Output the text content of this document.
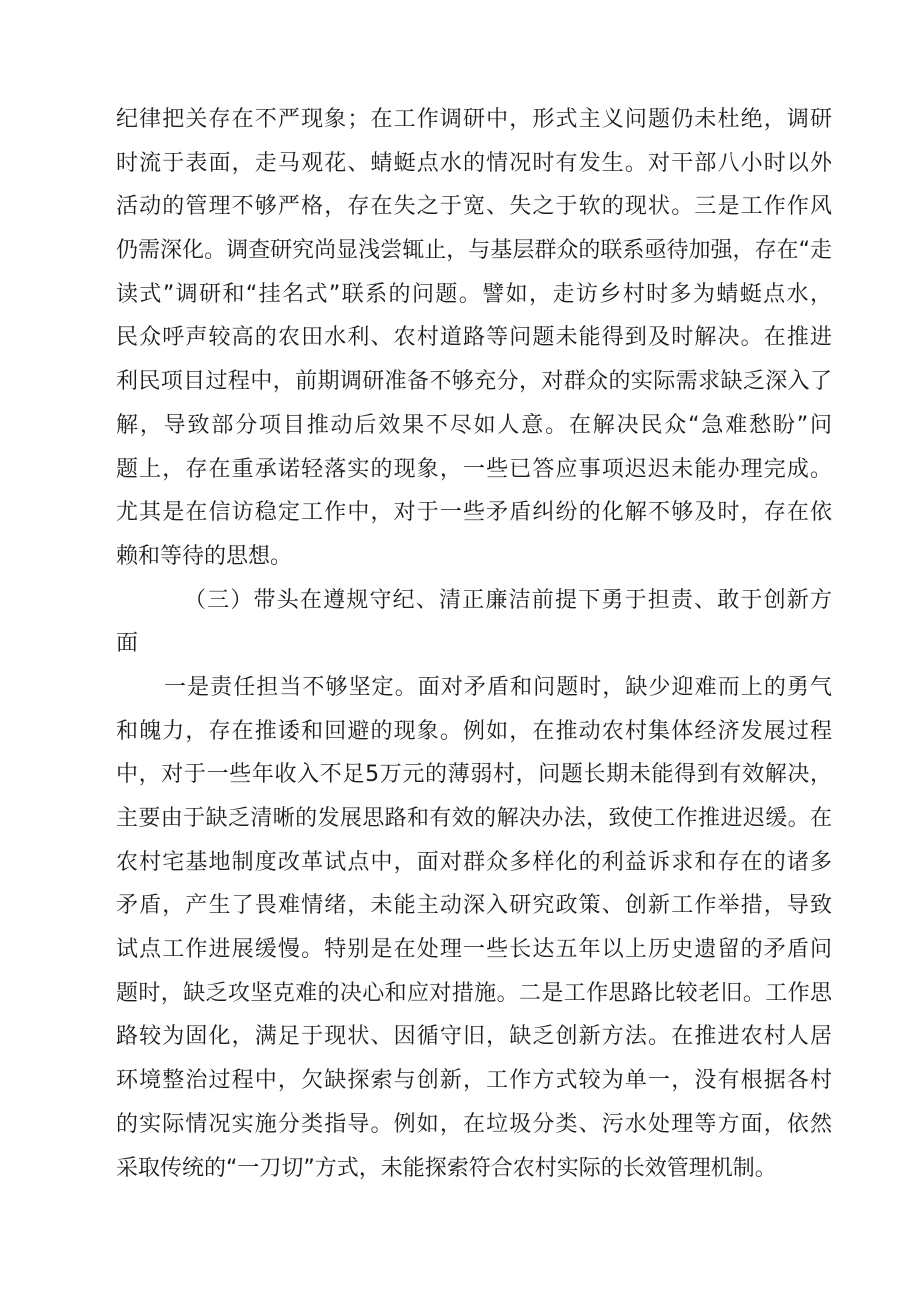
纪律把关存在不严现象；在工作调研中，形式主义问题仍未杜绝，调研
时流于表面，走马观花、蜻蜓点水的情况时有发生。对干部八小时以外
活动的管理不够严格，存在失之于宽、失之于软的现状。三是工作作风
仍需深化。调查研究尚显浅尝辄止，与基层群众的联系亟待加强，存在“走
读式”调研和“挂名式”联系的问题。譬如，走访乡村时多为蜻蜓点水，
民众呼声较高的农田水利、农村道路等问题未能得到及时解决。在推进
利民项目过程中，前期调研准备不够充分，对群众的实际需求缺乏深入了
解，导致部分项目推动后效果不尽如人意。在解决民众“急难愁盼”问
题上，存在重承诺轻落实的现象，一些已答应事项迟迟未能办理完成。
尤其是在信访稳定工作中，对于一些矛盾纠纷的化解不够及时，存在依
赖和等待的思想。
（三）带头在遵规守纪、清正廉洁前提下勇于担责、敢于创新方
面
一是责任担当不够坚定。面对矛盾和问题时，缺少迎难而上的勇气
和魄力，存在推诿和回避的现象。例如，在推动农村集体经济发展过程
中，对于一些年收入不足5万元的薄弱村，问题长期未能得到有效解决，
主要由于缺乏清晰的发展思路和有效的解决办法，致使工作推进迟缓。在
农村宅基地制度改革试点中，面对群众多样化的利益诉求和存在的诸多
矛盾，产生了畏难情绪，未能主动深入研究政策、创新工作举措，导致
试点工作进展缓慢。特别是在处理一些长达五年以上历史遗留的矛盾问
题时，缺乏攻坚克难的决心和应对措施。二是工作思路比较老旧。工作思
路较为固化，满足于现状、因循守旧，缺乏创新方法。在推进农村人居
环境整治过程中，欠缺探索与创新，工作方式较为单一，没有根据各村
的实际情况实施分类指导。例如，在垃圾分类、污水处理等方面，依然
采取传统的“一刀切”方式，未能探索符合农村实际的长效管理机制。
